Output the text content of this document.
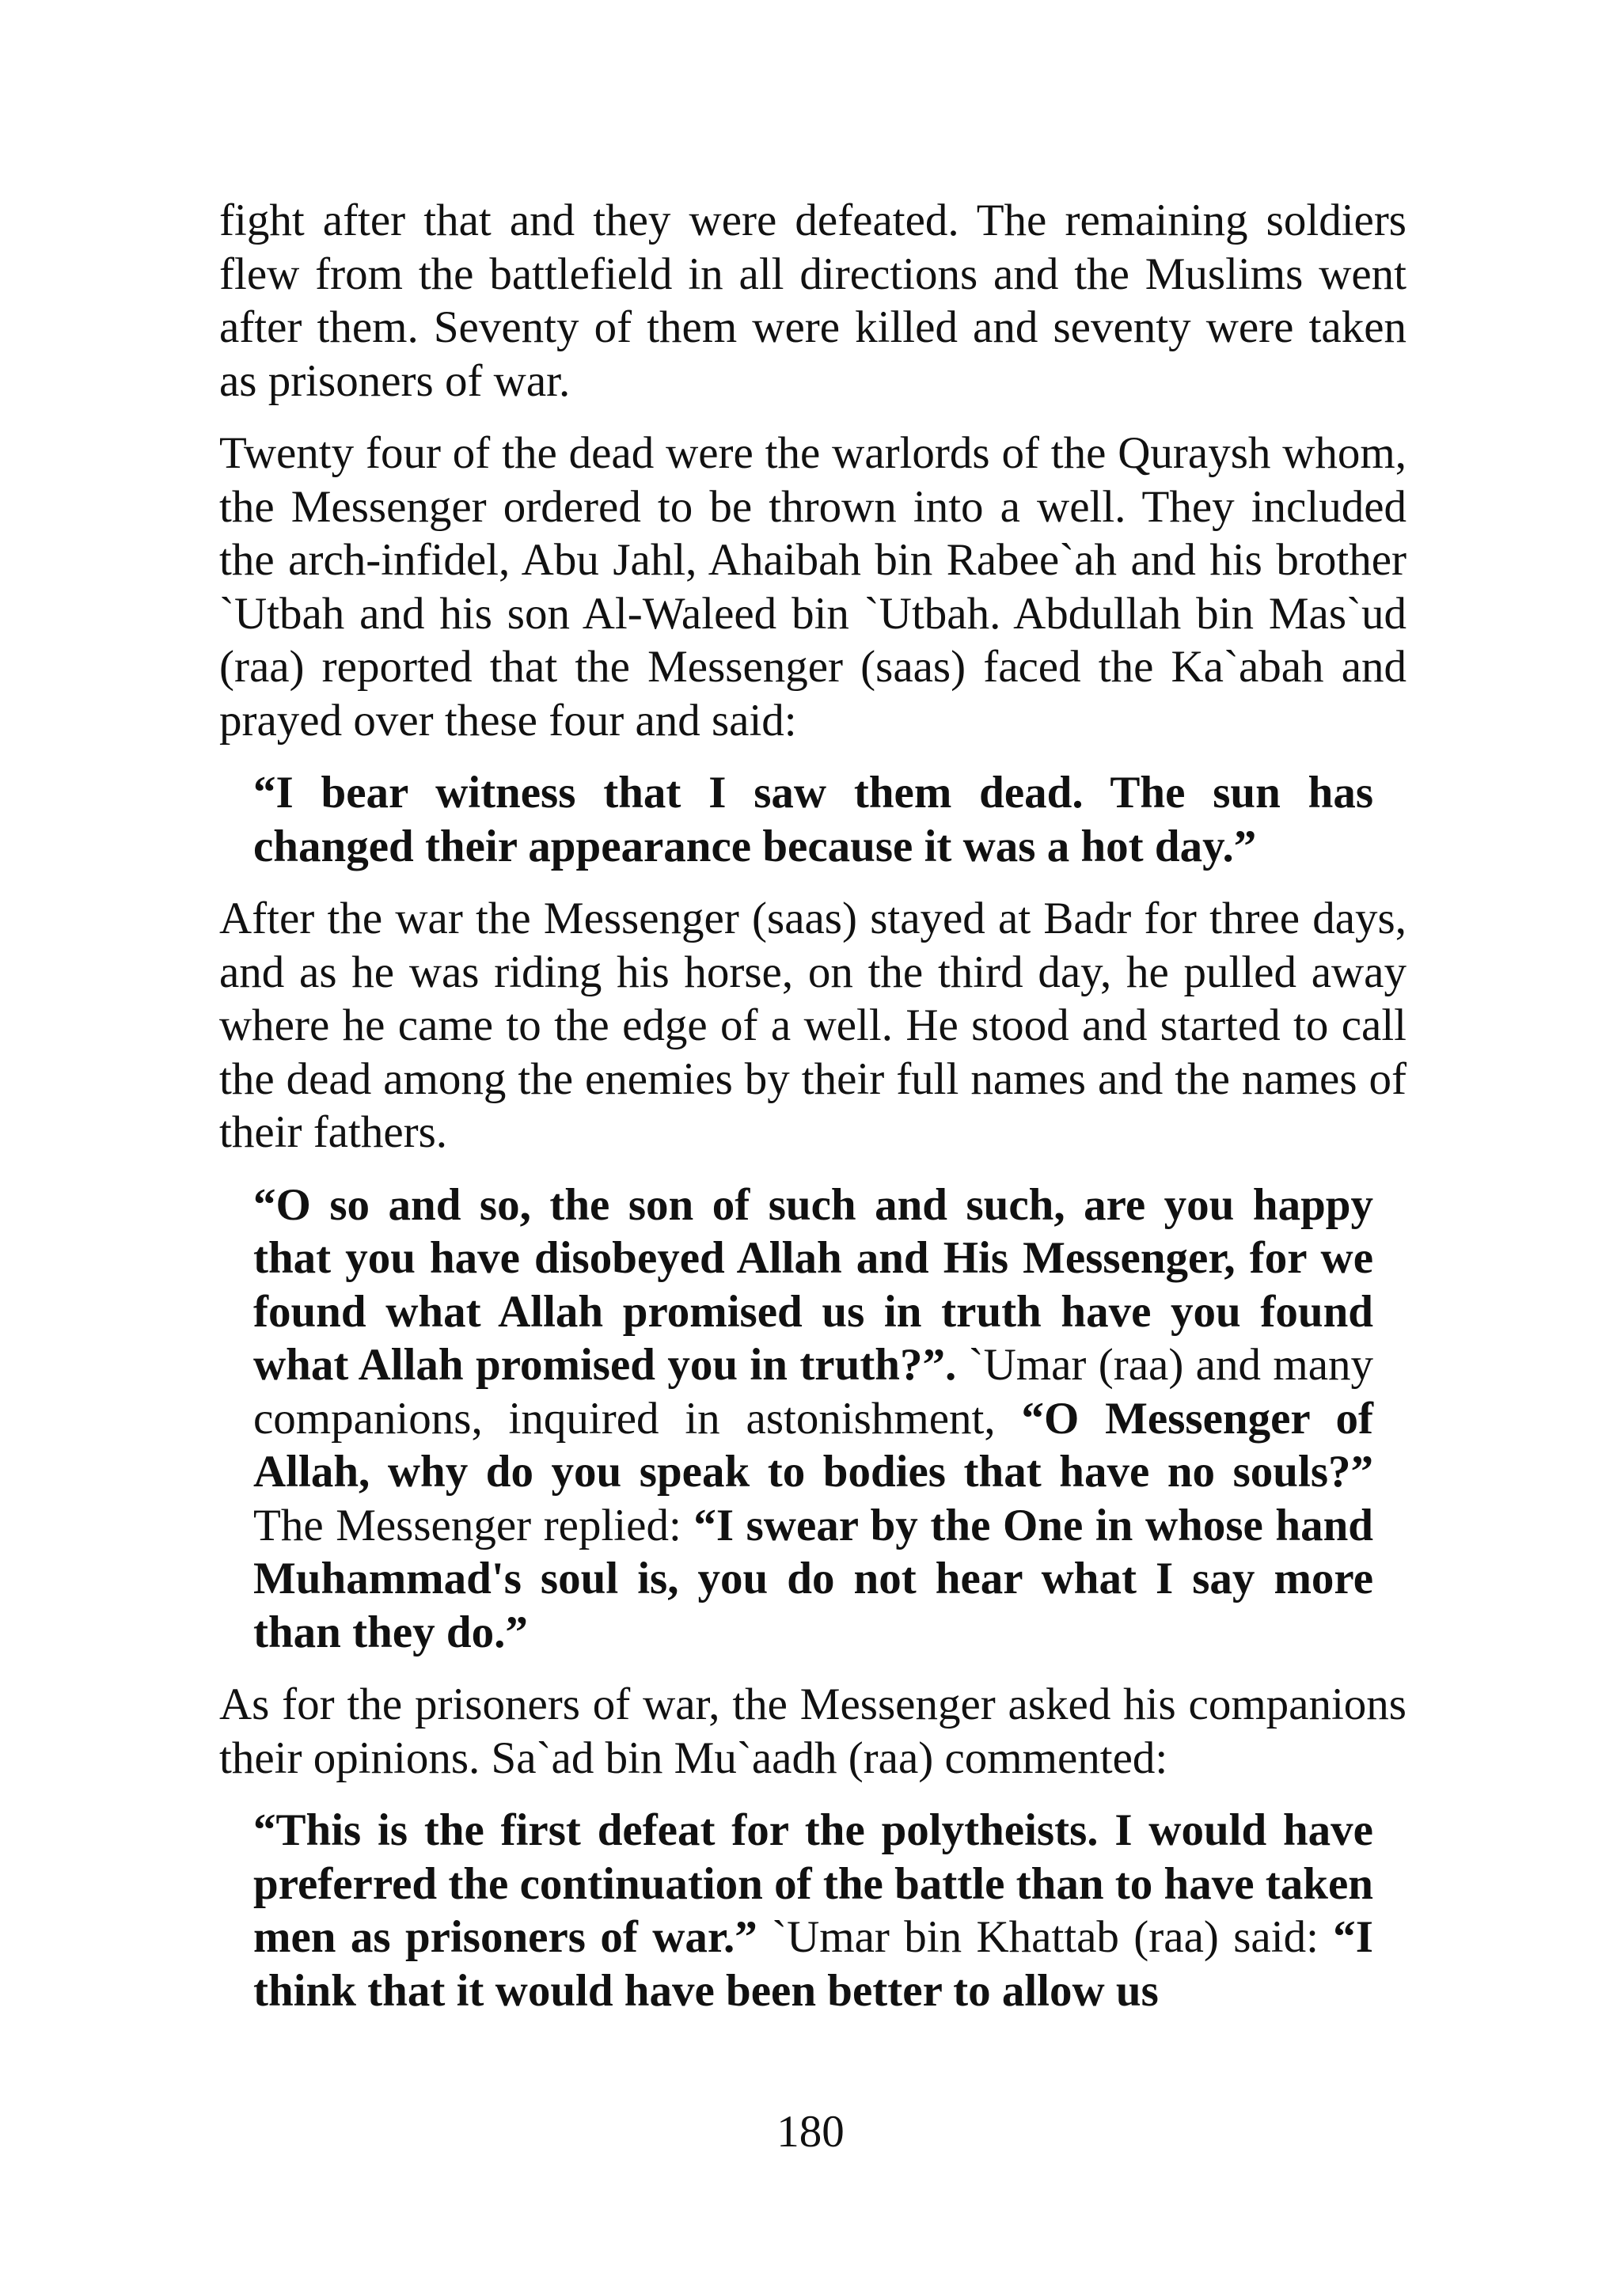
fight after that and they were defeated. The remaining soldiers flew from the battlefield in all directions and the Muslims went after them. Seventy of them were killed and seventy were taken as prisoners of war.

Twenty four of the dead were the warlords of the Quraysh whom, the Messenger ordered to be thrown into a well. They included the arch-infidel, Abu Jahl, Ahaibah bin Rabee`ah and his brother `Utbah and his son Al-Waleed bin `Utbah. Abdullah bin Mas`ud (raa) reported that the Messenger (saas) faced the Ka`abah and prayed over these four and said:

“I bear witness that I saw them dead. The sun has changed their appearance because it was a hot day.”

After the war the Messenger (saas) stayed at Badr for three days, and as he was riding his horse, on the third day, he pulled away where he came to the edge of a well. He stood and started to call the dead among the enemies by their full names and the names of their fathers.

“O so and so, the son of such and such, are you happy that you have disobeyed Allah and His Messenger, for we found what Allah promised us in truth have you found what Allah promised you in truth?”. `Umar (raa) and many companions, inquired in astonishment, “O Messenger of Allah, why do you speak to bodies that have no souls?” The Messenger replied: “I swear by the One in whose hand Muhammad's soul is, you do not hear what I say more than they do.”

As for the prisoners of war, the Messenger asked his companions their opinions. Sa`ad bin Mu`aadh (raa) commented:

“This is the first defeat for the polytheists. I would have preferred the continuation of the battle than to have taken men as prisoners of war.” `Umar bin Khattab (raa) said: “I think that it would have been better to allow us

180
